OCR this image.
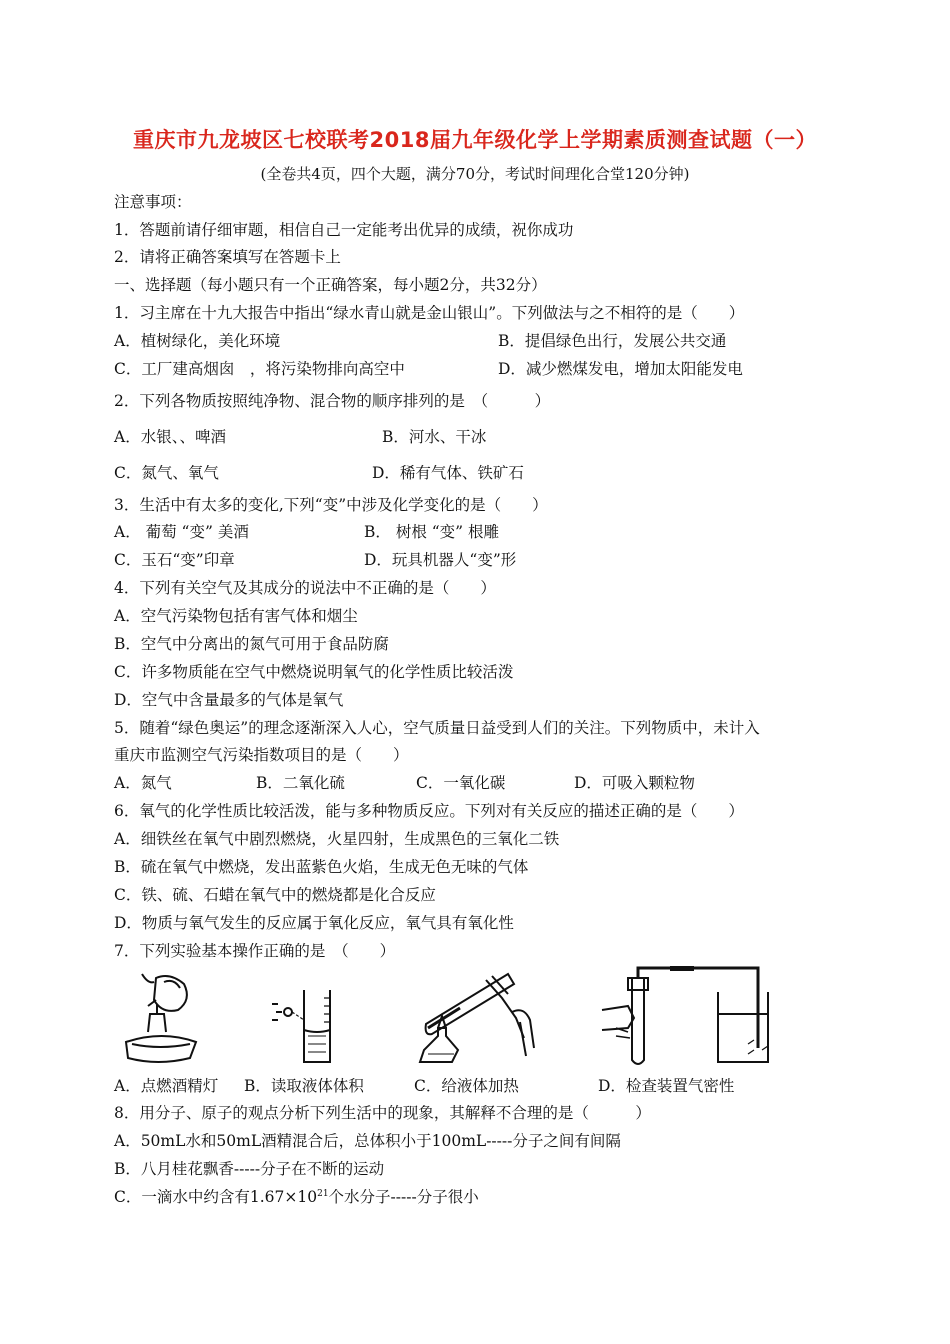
重庆市九龙坡区七校联考2018届九年级化学上学期素质测查试题（一）
(全卷共4页，四个大题，满分70分，考试时间理化合堂120分钟)
注意事项：
1．答题前请仔细审题，相信自己一定能考出优异的成绩，祝你成功
2．请将正确答案填写在答题卡上
一、选择题（每小题只有一个正确答案，每小题2分，共32分）
1．习主席在十九大报告中指出“绿水青山就是金山银山”。下列做法与之不相符的是（　　）
A．植树绿化，美化环境	B．提倡绿色出行，发展公共交通
C．工厂建高烟囱　，将污染物排向高空中	D．减少燃煤发电，增加太阳能发电
2．下列各物质按照纯净物、混合物的顺序排列的是　（　　　）
A．水银、、啤酒	B．河水、干冰
C．氮气、氧气	D．稀有气体、铁矿石
3．生活中有太多的变化,下列“变”中涉及化学变化的是（　　）
A． 葡萄 “变” 美酒	B． 树根 “变” 根雕
C．玉石“变”印章	D．玩具机器人“变”形
4．下列有关空气及其成分的说法中不正确的是（　　）
A．空气污染物包括有害气体和烟尘
B．空气中分离出的氮气可用于食品防腐
C．许多物质能在空气中燃烧说明氧气的化学性质比较活泼
D．空气中含量最多的气体是氧气
5．随着“绿色奥运”的理念逐渐深入人心，空气质量日益受到人们的关注。下列物质中，未计入
重庆市监测空气污染指数项目的是（　　）
A．氮气	B．二氧化硫	C．一氧化碳	D．可吸入颗粒物
6．氧气的化学性质比较活泼，能与多种物质反应。下列对有关反应的描述正确的是（　　）
A．细铁丝在氧气中剧烈燃烧，火星四射，生成黑色的三氧化二铁
B．硫在氧气中燃烧，发出蓝紫色火焰，生成无色无味的气体
C．铁、硫、石蜡在氧气中的燃烧都是化合反应
D．物质与氧气发生的反应属于氧化反应，氧气具有氧化性
7．下列实验基本操作正确的是　（　　）
A．点燃酒精灯 B．读取液体体积	C．给液体加热	D．检查装置气密性
8．用分子、原子的观点分析下列生活中的现象，其解释不合理的是（　　　）
A．50mL水和50mL酒精混合后，总体积小于100mL-----分子之间有间隔
B．八月桂花飘香-----分子在不断的运动
C．一滴水中约含有$1.67\times 10^{21}$个水分子-----分子很小
